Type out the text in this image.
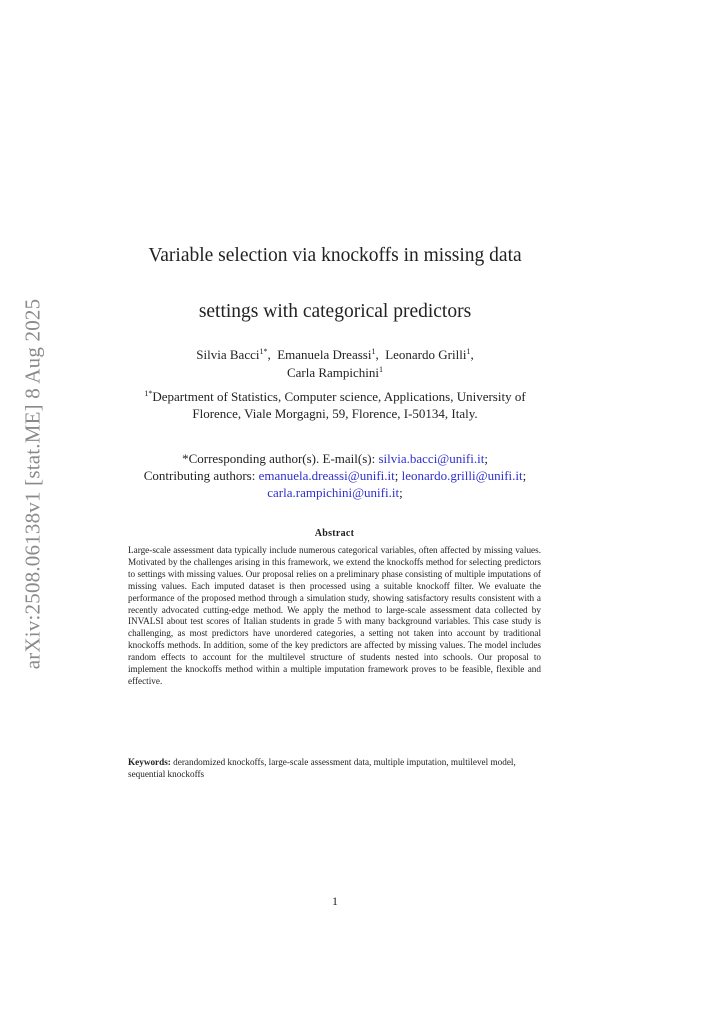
arXiv:2508.06138v1 [stat.ME] 8 Aug 2025
Variable selection via knockoffs in missing data
settings with categorical predictors
Silvia Bacci$^{1*}$,  Emanuela Dreassi$^1$,  Leonardo Grilli$^1$,
Carla Rampichini$^1$
$^{1*}$Department of Statistics, Computer science, Applications, University of
Florence, Viale Morgagni, 59, Florence, I-50134, Italy.
*Corresponding author(s). E-mail(s): silvia.bacci@unifi.it;
Contributing authors: emanuela.dreassi@unifi.it; leonardo.grilli@unifi.it;
carla.rampichini@unifi.it;
Abstract
Large-scale assessment data typically include numerous categorical variables, often affected by missing values. Motivated by the challenges arising in this framework, we extend the knockoffs method for selecting predictors to settings with missing values. Our proposal relies on a preliminary phase consisting of multiple imputations of missing values. Each imputed dataset is then processed using a suitable knockoff filter. We evaluate the performance of the proposed method through a simulation study, showing satisfactory results consistent with a recently advocated cutting-edge method. We apply the method to large-scale assessment data collected by INVALSI about test scores of Italian students in grade 5 with many background variables. This case study is challenging, as most predictors have unordered categories, a setting not taken into account by traditional knockoffs methods. In addition, some of the key predictors are affected by missing values. The model includes random effects to account for the multilevel structure of students nested into schools. Our proposal to implement the knockoffs method within a multiple imputation framework proves to be feasible, flexible and effective.
Keywords: derandomized knockoffs, large-scale assessment data, multiple imputation, multilevel model, sequential knockoffs
1
